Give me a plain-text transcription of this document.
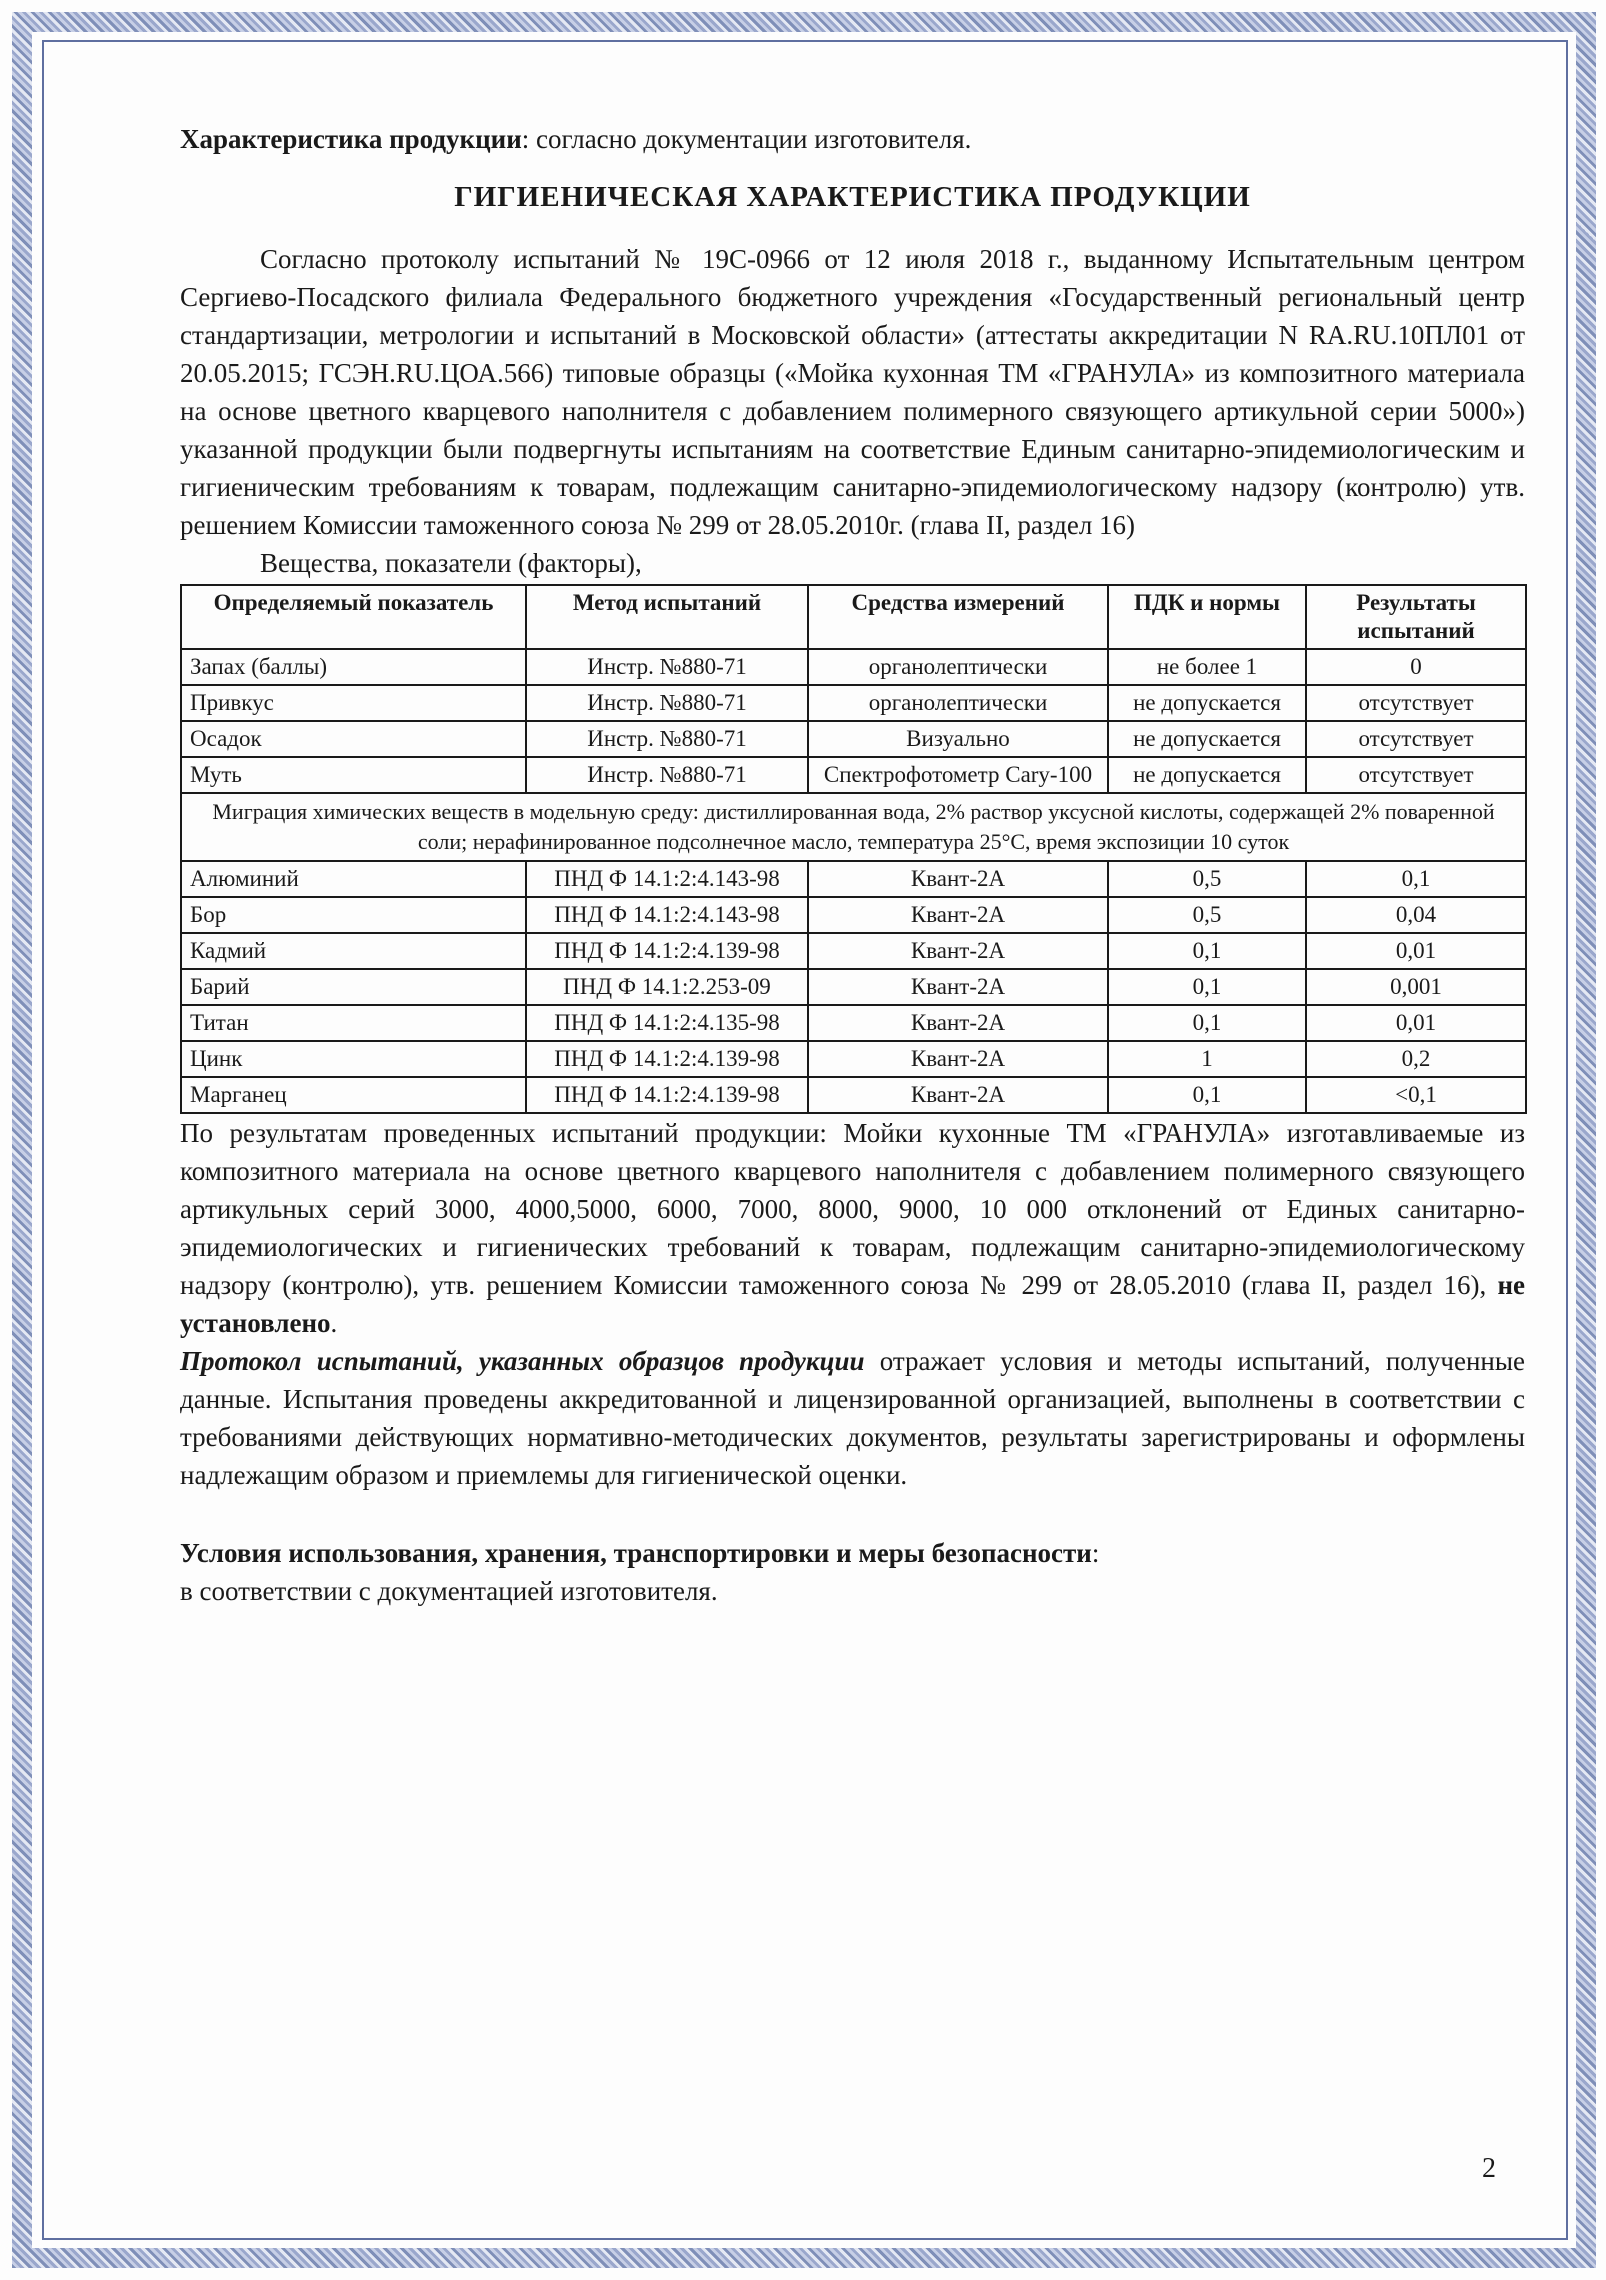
Характеристика продукции: согласно документации изготовителя.

ГИГИЕНИЧЕСКАЯ ХАРАКТЕРИСТИКА ПРОДУКЦИИ

Согласно протоколу испытаний № 19С-0966 от 12 июля 2018 г., выданному Испытательным центром Сергиево-Посадского филиала Федерального бюджетного учреждения «Государственный региональный центр стандартизации, метрологии и испытаний в Московской области» (аттестаты аккредитации N RA.RU.10ПЛ01 от 20.05.2015; ГСЭН.RU.ЦОА.566) типовые образцы («Мойка кухонная ТМ «ГРАНУЛА» из композитного материала на основе цветного кварцевого наполнителя с добавлением полимерного связующего артикульной серии 5000») указанной продукции были подвергнуты испытаниям на соответствие Единым санитарно-эпидемиологическим и гигиеническим требованиям к товарам, подлежащим санитарно-эпидемиологическому надзору (контролю) утв. решением Комиссии таможенного союза № 299 от 28.05.2010г. (глава II, раздел 16)

Вещества, показатели (факторы),

Определяемый показатель	Метод испытаний	Средства измерений	ПДК и нормы	Результаты испытаний
Запах (баллы)	Инстр. №880-71	органолептически	не более 1	0
Привкус	Инстр. №880-71	органолептически	не допускается	отсутствует
Осадок	Инстр. №880-71	Визуально	не допускается	отсутствует
Муть	Инстр. №880-71	Спектрофотометр Cary-100	не допускается	отсутствует
Миграция химических веществ в модельную среду: дистиллированная вода, 2% раствор уксусной кислоты, содержащей 2% поваренной соли; нерафинированное подсолнечное масло, температура 25°С, время экспозиции 10 суток				
Алюминий	ПНД Ф 14.1:2:4.143-98	Квант-2А	0,5	0,1
Бор	ПНД Ф 14.1:2:4.143-98	Квант-2А	0,5	0,04
Кадмий	ПНД Ф 14.1:2:4.139-98	Квант-2А	0,1	0,01
Барий	ПНД Ф 14.1:2.253-09	Квант-2А	0,1	0,001
Титан	ПНД Ф 14.1:2:4.135-98	Квант-2А	0,1	0,01
Цинк	ПНД Ф 14.1:2:4.139-98	Квант-2А	1	0,2
Марганец	ПНД Ф 14.1:2:4.139-98	Квант-2А	0,1	<0,1

По результатам проведенных испытаний продукции: Мойки кухонные ТМ «ГРАНУЛА» изготавливаемые из композитного материала на основе цветного кварцевого наполнителя с добавлением полимерного связующего артикульных серий 3000, 4000,5000, 6000, 7000, 8000, 9000, 10 000 отклонений от Единых санитарно-эпидемиологических и гигиенических требований к товарам, подлежащим санитарно-эпидемиологическому надзору (контролю), утв. решением Комиссии таможенного союза № 299 от 28.05.2010 (глава II, раздел 16), не установлено.

Протокол испытаний, указанных образцов продукции отражает условия и методы испытаний, полученные данные. Испытания проведены аккредитованной и лицензированной организацией, выполнены в соответствии с требованиями действующих нормативно-методических документов, результаты зарегистрированы и оформлены надлежащим образом и приемлемы для гигиенической оценки.

Условия использования, хранения, транспортировки и меры безопасности:

в соответствии с документацией изготовителя.

2
